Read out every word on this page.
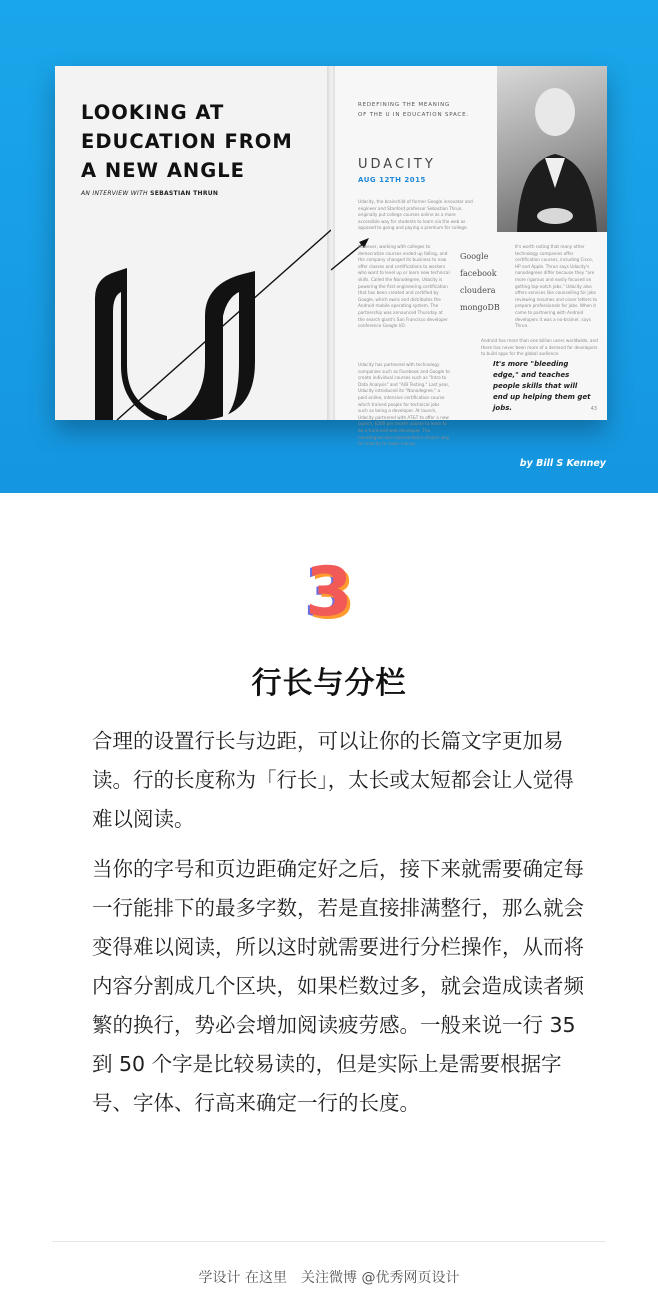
LOOKING AT
EDUCATION FROM
A NEW ANGLE
AN INTERVIEW WITH SEBASTIAN THRUN
REDEFINING THE MEANING
OF THE U IN EDUCATION SPACE.
UDACITY
AUG 12TH 2015
Udacity, the brainchild of former Google innovator and engineer and Stanford professor Sebastian Thrun, originally put college courses online as a more accessible way for students to learn via the web as opposed to going and paying a premium for college.
However, working with colleges to democratize courses ended up falling, and the company changed its business to now offer classes and certifications to workers who want to level up or learn new technical skills. Called the Nanodegree, Udacity is powering the first engineering certification that has been created and certified by Google, which owns and distributes the Android mobile operating system. The partnership was announced Thursday at the search giant's San Francisco developer conference Google I/O.
Udacity has partnered with technology companies such as Facebook and Google to create individual courses such as "Intro to Data Analysis" and "A/B Testing." Last year, Udacity introduced its "Nanodegree," a paid online, intensive certification course which trained people for technical jobs such as being a developer. At launch, Udacity partnered with AT&T to offer a new launch, $200 per month course to learn to be a front-end web developer. The nanodegree also represented a clearer way for Udacity to make money.
Google
facebook
cloudera
mongoDB
It's worth noting that many other technology companies offer certification courses, including Cisco, HP and Apple. Thrun says Udacity's nanodegrees differ because they "are more rigorous and easily focused on getting top-notch jobs." Udacity also offers services like counselling for jobs reviewing resumes and cover letters to prepare professionals for jobs. When it came to partnering with Android developers it was a no-brainer, says Thrun.
Android has more than one billion users worldwide, and there has never been more of a demand for developers to build apps for the global audience.
It's more "bleeding edge," and teaches people skills that will end up helping them get jobs.	43
by Bill S Kenney
3
行长与分栏
合理的设置行长与边距，可以让你的长篇文字更加易读。行的长度称为「行长」，太长或太短都会让人觉得难以阅读。
当你的字号和页边距确定好之后，接下来就需要确定每一行能排下的最多字数，若是直接排满整行，那么就会变得难以阅读，所以这时就需要进行分栏操作，从而将内容分割成几个区块，如果栏数过多，就会造成读者频繁的换行，势必会增加阅读疲劳感。一般来说一行 35 到 50 个字是比较易读的，但是实际上是需要根据字号、字体、行高来确定一行的长度。
学设计 在这里　关注微博 @优秀网页设计
